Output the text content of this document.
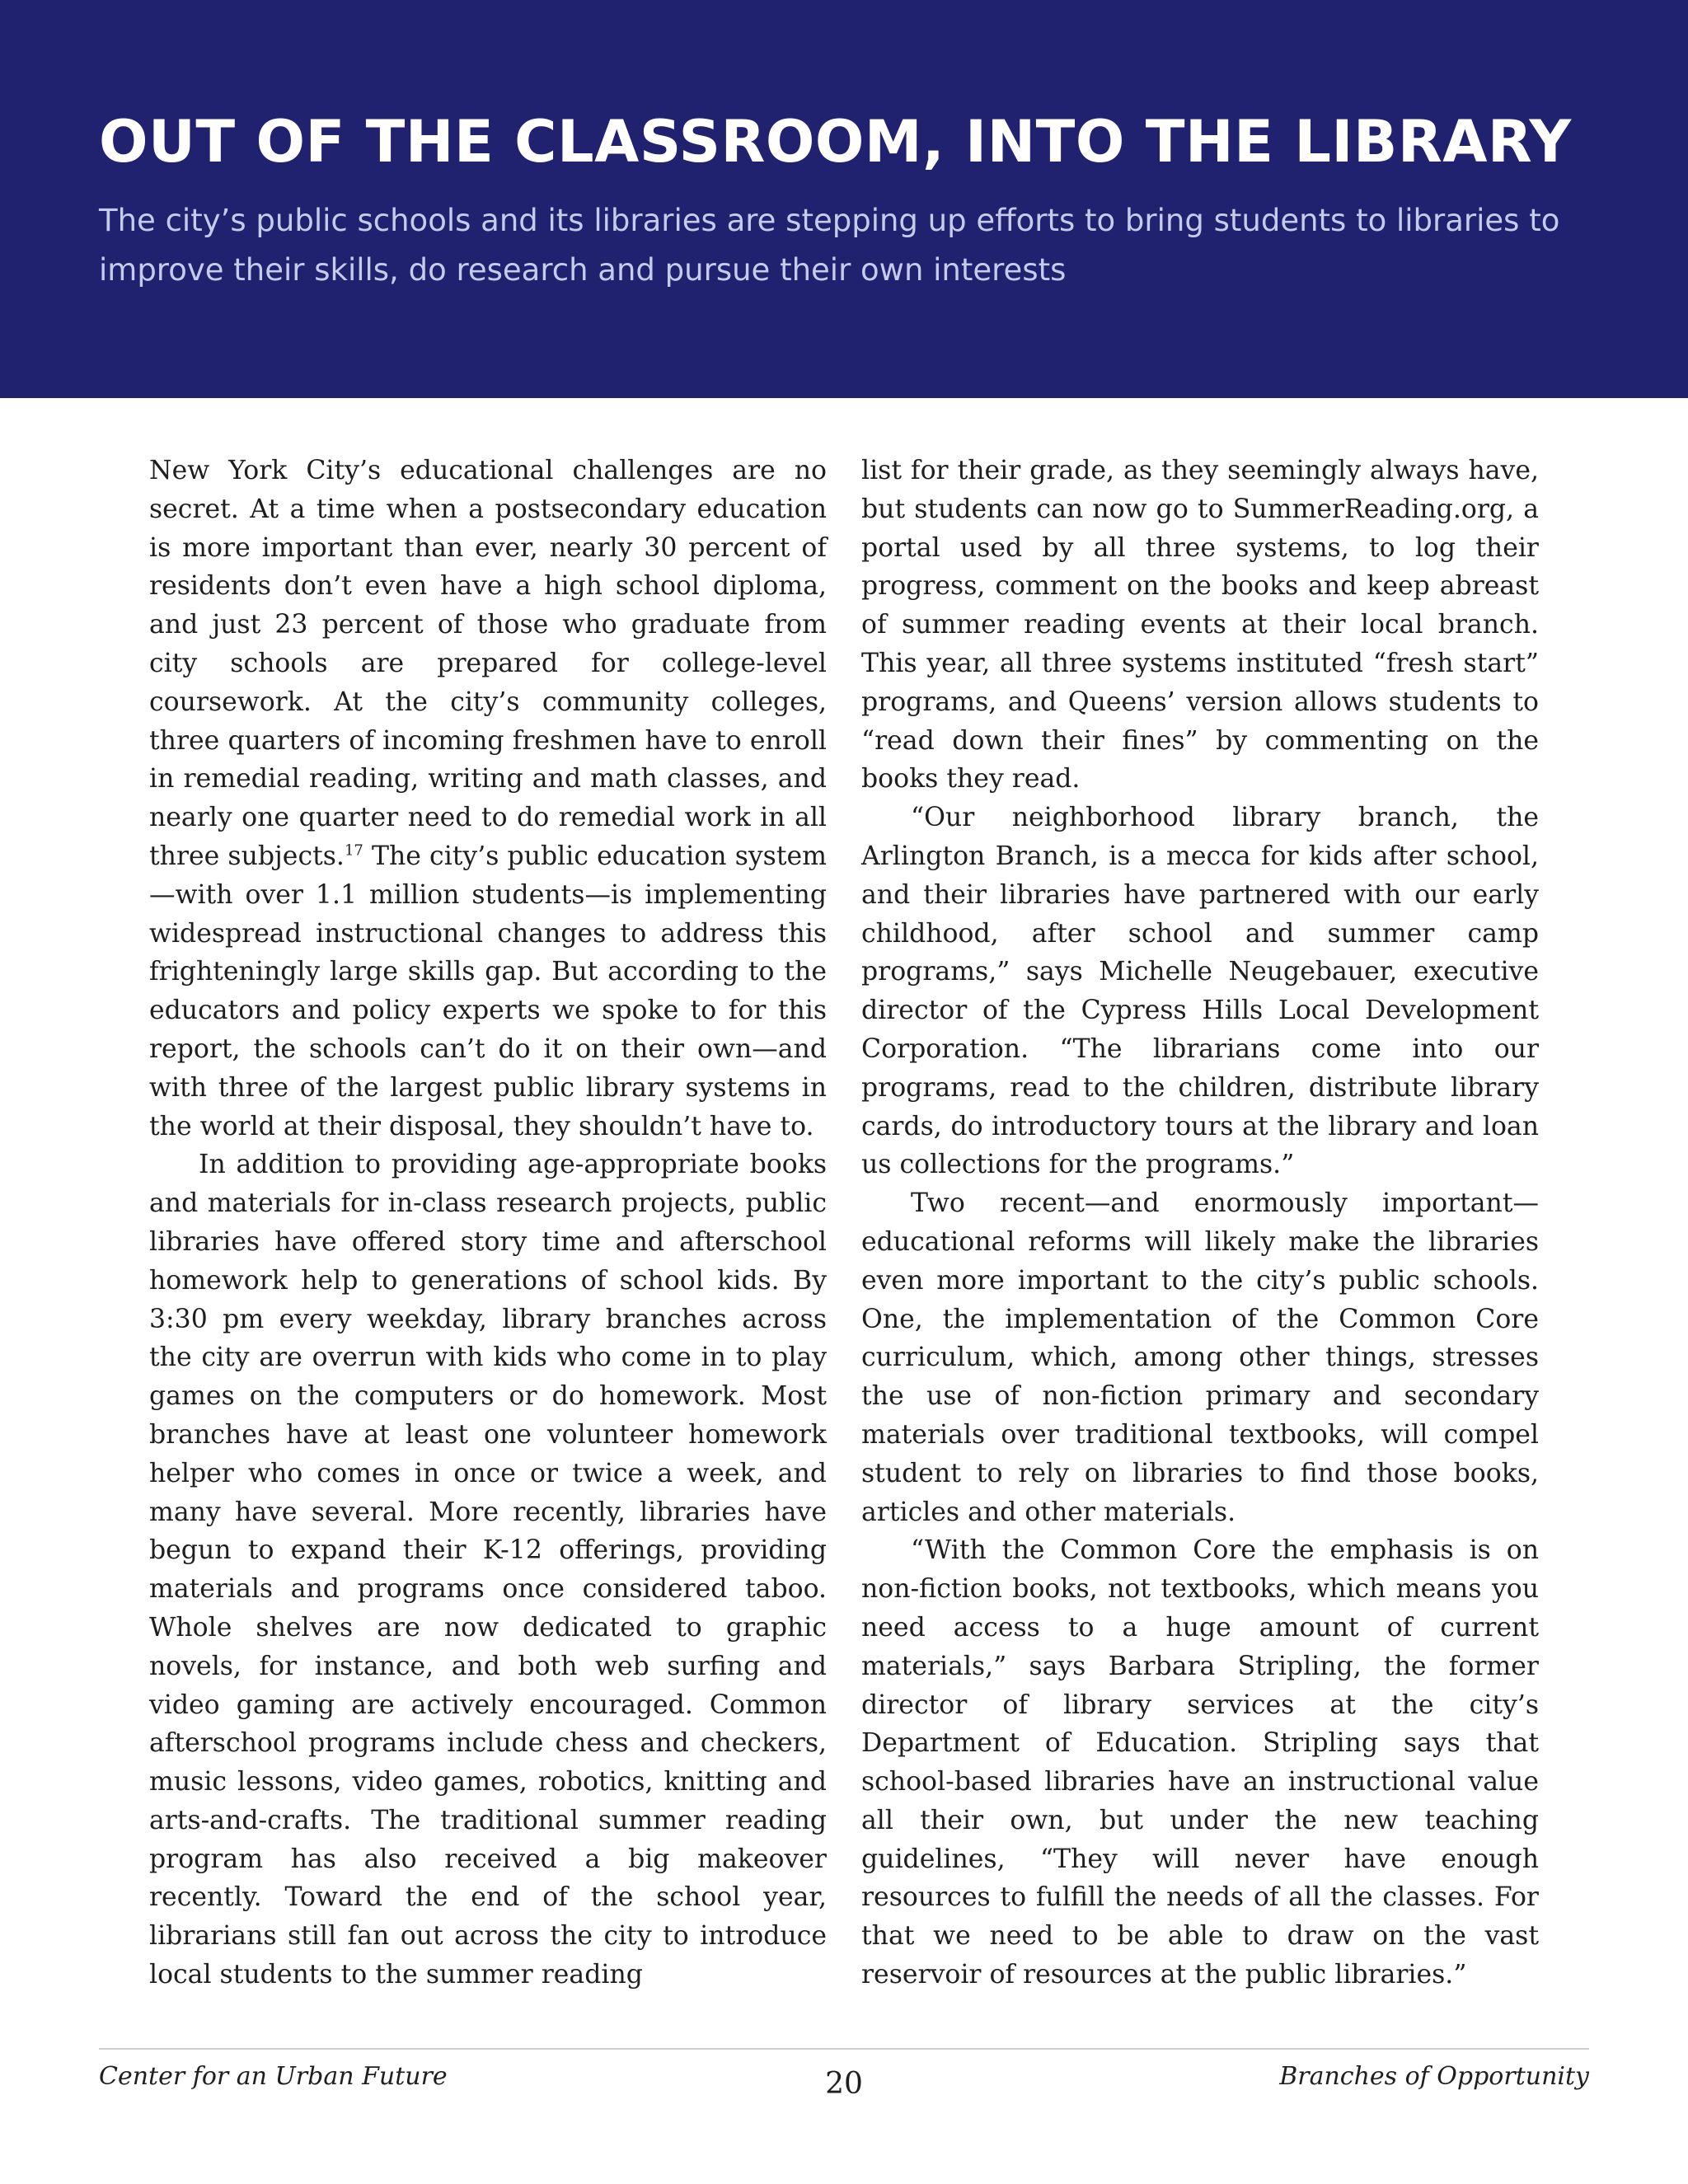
OUT OF THE CLASSROOM, INTO THE LIBRARY

The city’s public schools and its libraries are stepping up efforts to bring students to libraries to improve their skills, do research and pursue their own interests

New York City’s educational challenges are no secret. At a time when a postsecondary education is more important than ever, nearly 30 percent of residents don’t even have a high school diploma, and just 23 percent of those who graduate from city schools are prepared for college-level coursework. At the city’s community colleges, three quarters of incoming freshmen have to enroll in remedial reading, writing and math classes, and nearly one quarter need to do remedial work in all three subjects.$^{17}$ The city’s public education system—with over 1.1 million students—is implementing widespread instructional changes to address this frighteningly large skills gap. But according to the educators and policy experts we spoke to for this report, the schools can’t do it on their own—and with three of the largest public library systems in the world at their disposal, they shouldn’t have to.

In addition to providing age-appropriate books and materials for in-class research projects, public libraries have offered story time and afterschool homework help to generations of school kids. By 3:30 pm every weekday, library branches across the city are overrun with kids who come in to play games on the computers or do homework. Most branches have at least one volunteer homework helper who comes in once or twice a week, and many have several. More recently, libraries have begun to expand their K-12 offerings, providing materials and programs once considered taboo. Whole shelves are now dedicated to graphic novels, for instance, and both web surfing and video gaming are actively encouraged. Common afterschool programs include chess and checkers, music lessons, video games, robotics, knitting and arts-and-crafts. The traditional summer reading program has also received a big makeover recently. Toward the end of the school year, librarians still fan out across the city to introduce local students to the summer reading

list for their grade, as they seemingly always have, but students can now go to SummerReading.org, a portal used by all three systems, to log their progress, comment on the books and keep abreast of summer reading events at their local branch. This year, all three systems instituted “fresh start” programs, and Queens’ version allows students to “read down their fines” by commenting on the books they read.

“Our neighborhood library branch, the Arlington Branch, is a mecca for kids after school, and their libraries have partnered with our early childhood, after school and summer camp programs,” says Michelle Neugebauer, executive director of the Cypress Hills Local Development Corporation. “The librarians come into our programs, read to the children, distribute library cards, do introductory tours at the library and loan us collections for the programs.”

Two recent—and enormously important—educational reforms will likely make the libraries even more important to the city’s public schools. One, the implementation of the Common Core curriculum, which, among other things, stresses the use of non-fiction primary and secondary materials over traditional textbooks, will compel student to rely on libraries to find those books, articles and other materials.

“With the Common Core the emphasis is on non-fiction books, not textbooks, which means you need access to a huge amount of current materials,” says Barbara Stripling, the former director of library services at the city’s Department of Education. Stripling says that school-based libraries have an instructional value all their own, but under the new teaching guidelines, “They will never have enough resources to fulfill the needs of all the classes. For that we need to be able to draw on the vast reservoir of resources at the public libraries.”

Center for an Urban Future	20	Branches of Opportunity
